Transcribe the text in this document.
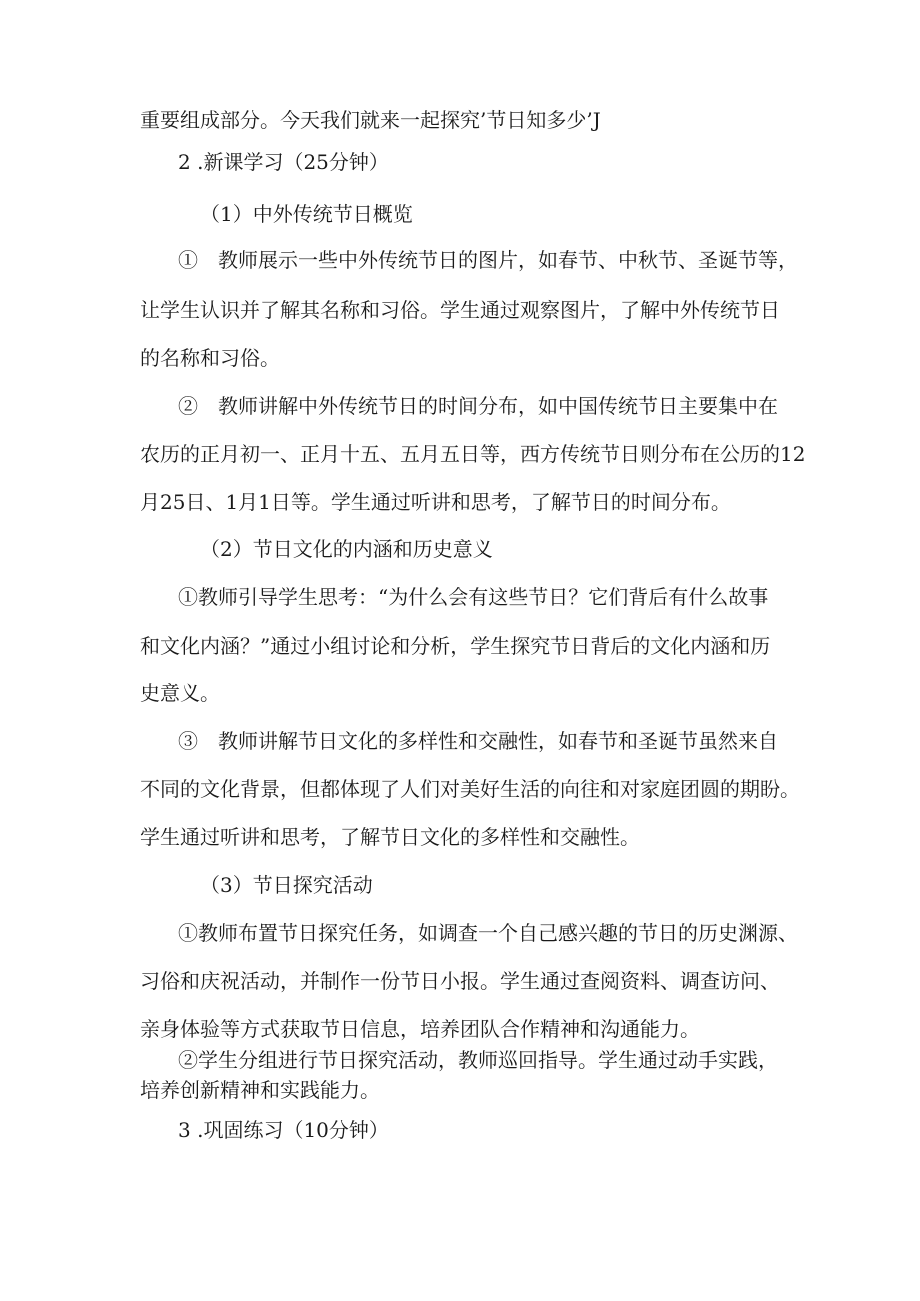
重要组成部分。今天我们就来一起探究’节日知多少’J
2 .新课学习（25分钟）
（1）中外传统节日概览
①　教师展示一些中外传统节日的图片，如春节、中秋节、圣诞节等，
让学生认识并了解其名称和习俗。学生通过观察图片，了解中外传统节日
的名称和习俗。
②　教师讲解中外传统节日的时间分布，如中国传统节日主要集中在
农历的正月初一、正月十五、五月五日等，西方传统节日则分布在公历的12
月25日、1月1日等。学生通过听讲和思考，了解节日的时间分布。
（2）节日文化的内涵和历史意义
①教师引导学生思考：“为什么会有这些节日？它们背后有什么故事
和文化内涵？”通过小组讨论和分析，学生探究节日背后的文化内涵和历
史意义。
③　教师讲解节日文化的多样性和交融性，如春节和圣诞节虽然来自
不同的文化背景，但都体现了人们对美好生活的向往和对家庭团圆的期盼。
学生通过听讲和思考，了解节日文化的多样性和交融性。
（3）节日探究活动
①教师布置节日探究任务，如调查一个自己感兴趣的节日的历史渊源、
习俗和庆祝活动，并制作一份节日小报。学生通过查阅资料、调查访问、
亲身体验等方式获取节日信息，培养团队合作精神和沟通能力。
②学生分组进行节日探究活动，教师巡回指导。学生通过动手实践，
培养创新精神和实践能力。
3 .巩固练习（10分钟）
